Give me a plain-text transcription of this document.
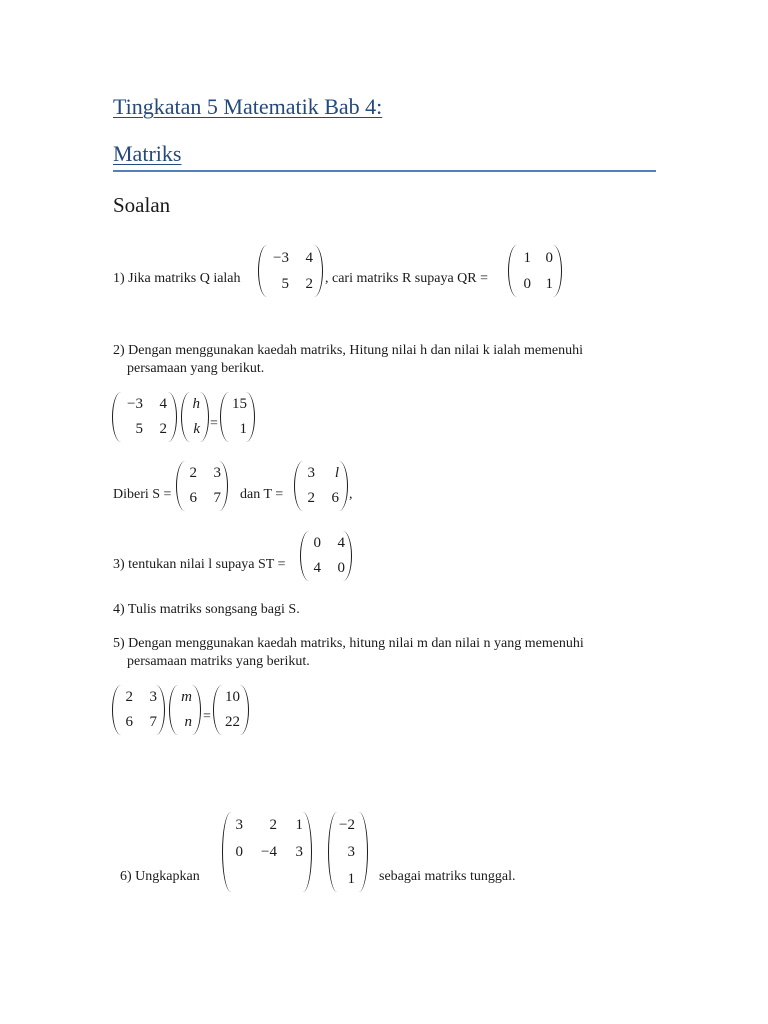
Tingkatan 5 Matematik Bab 4:
Matriks
Soalan
1) Jika matriks Q ialah
−3	4
5	2 , cari matriks R supaya QR =
1 0
0 1
2) Dengan menggunakan kaedah matriks, Hitung nilai h dan nilai k ialah memenuhi
persamaan yang berikut.
−3	4
5	2
h
k =
15
1
Diberi S =
2	3
6	7 dan T =
3	l
2	6 ,
3) tentukan nilai l supaya ST =
0	4
4	0
4) Tulis matriks songsang bagi S.
5) Dengan menggunakan kaedah matriks, hitung nilai m dan nilai n yang memenuhi
persamaan matriks yang berikut.
2	3
6	7
m
n =
10
22
6) Ungkapkan
3	2	1
0	−4	3
−2
3
1 sebagai matriks tunggal.
